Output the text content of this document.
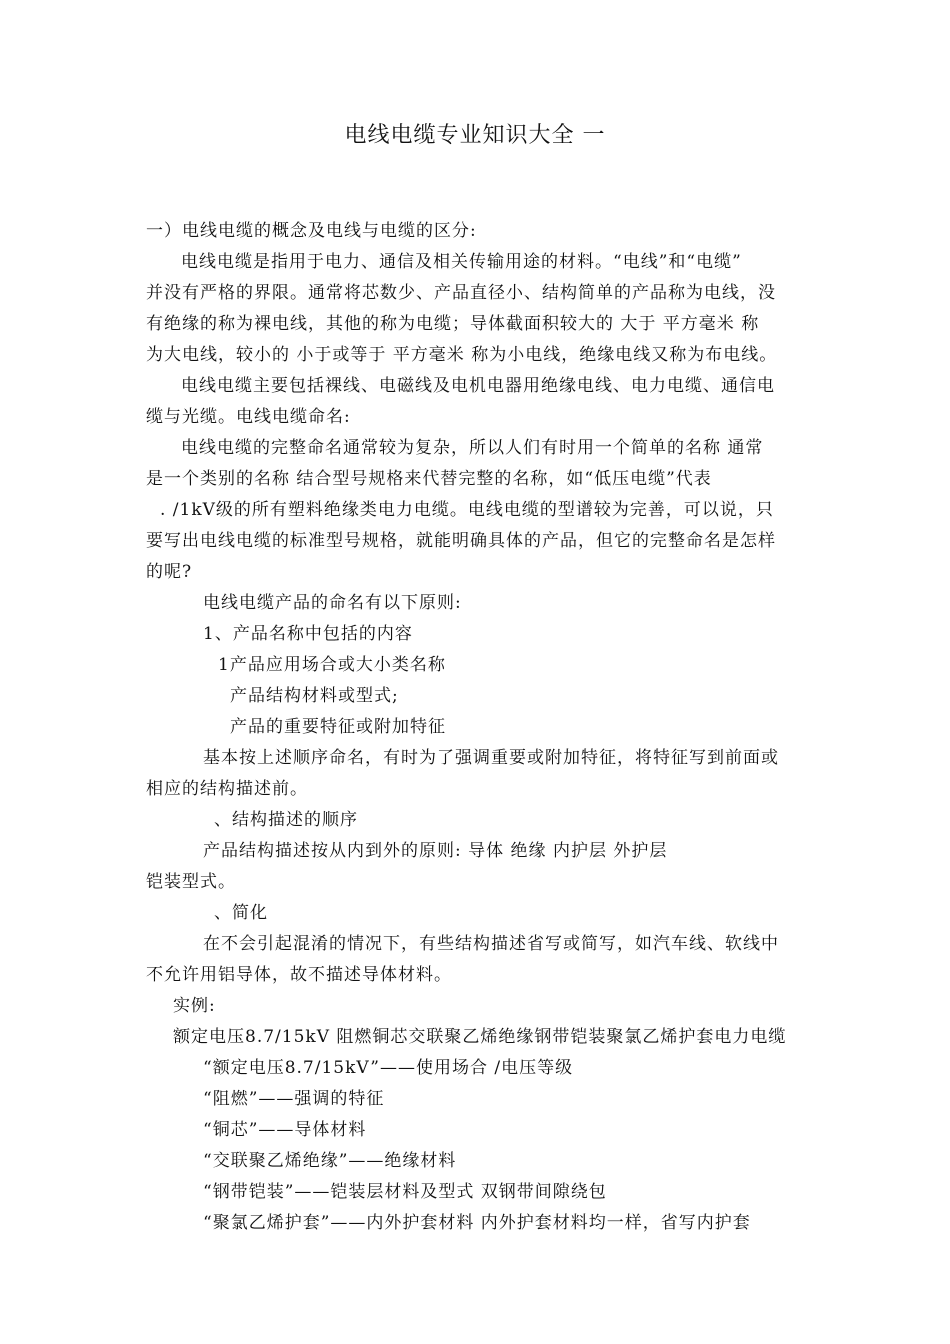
电线电缆专业知识大全 一
一）电线电缆的概念及电线与电缆的区分:
电线电缆是指用于电力、通信及相关传输用途的材料。“电线”和“电缆”
并没有严格的界限。通常将芯数少、产品直径小、结构简单的产品称为电线，没
有绝缘的称为裸电线，其他的称为电缆；导体截面积较大的 大于 平方毫米 称
为大电线，较小的 小于或等于 平方毫米 称为小电线，绝缘电线又称为布电线。
电线电缆主要包括裸线、电磁线及电机电器用绝缘电线、电力电缆、通信电
缆与光缆。电线电缆命名:
电线电缆的完整命名通常较为复杂，所以人们有时用一个简单的名称 通常
是一个类别的名称 结合型号规格来代替完整的名称，如“低压电缆”代表
. /1kV级的所有塑料绝缘类电力电缆。电线电缆的型谱较为完善，可以说，只
要写出电线电缆的标准型号规格，就能明确具体的产品，但它的完整命名是怎样
的呢?
电线电缆产品的命名有以下原则:
1、产品名称中包括的内容
1产品应用场合或大小类名称
产品结构材料或型式;
产品的重要特征或附加特征
基本按上述顺序命名，有时为了强调重要或附加特征，将特征写到前面或
相应的结构描述前。
、结构描述的顺序
产品结构描述按从内到外的原则: 导体 绝缘 内护层 外护层
铠装型式。
、简化
在不会引起混淆的情况下，有些结构描述省写或简写，如汽车线、软线中
不允许用铝导体，故不描述导体材料。
实例:
额定电压8.7/15kV 阻燃铜芯交联聚乙烯绝缘钢带铠装聚氯乙烯护套电力电缆
“额定电压8.7/15kV”——使用场合 /电压等级
“阻燃”——强调的特征
“铜芯”——导体材料
“交联聚乙烯绝缘”——绝缘材料
“钢带铠装”——铠装层材料及型式 双钢带间隙绕包
“聚氯乙烯护套”——内外护套材料 内外护套材料均一样，省写内护套
